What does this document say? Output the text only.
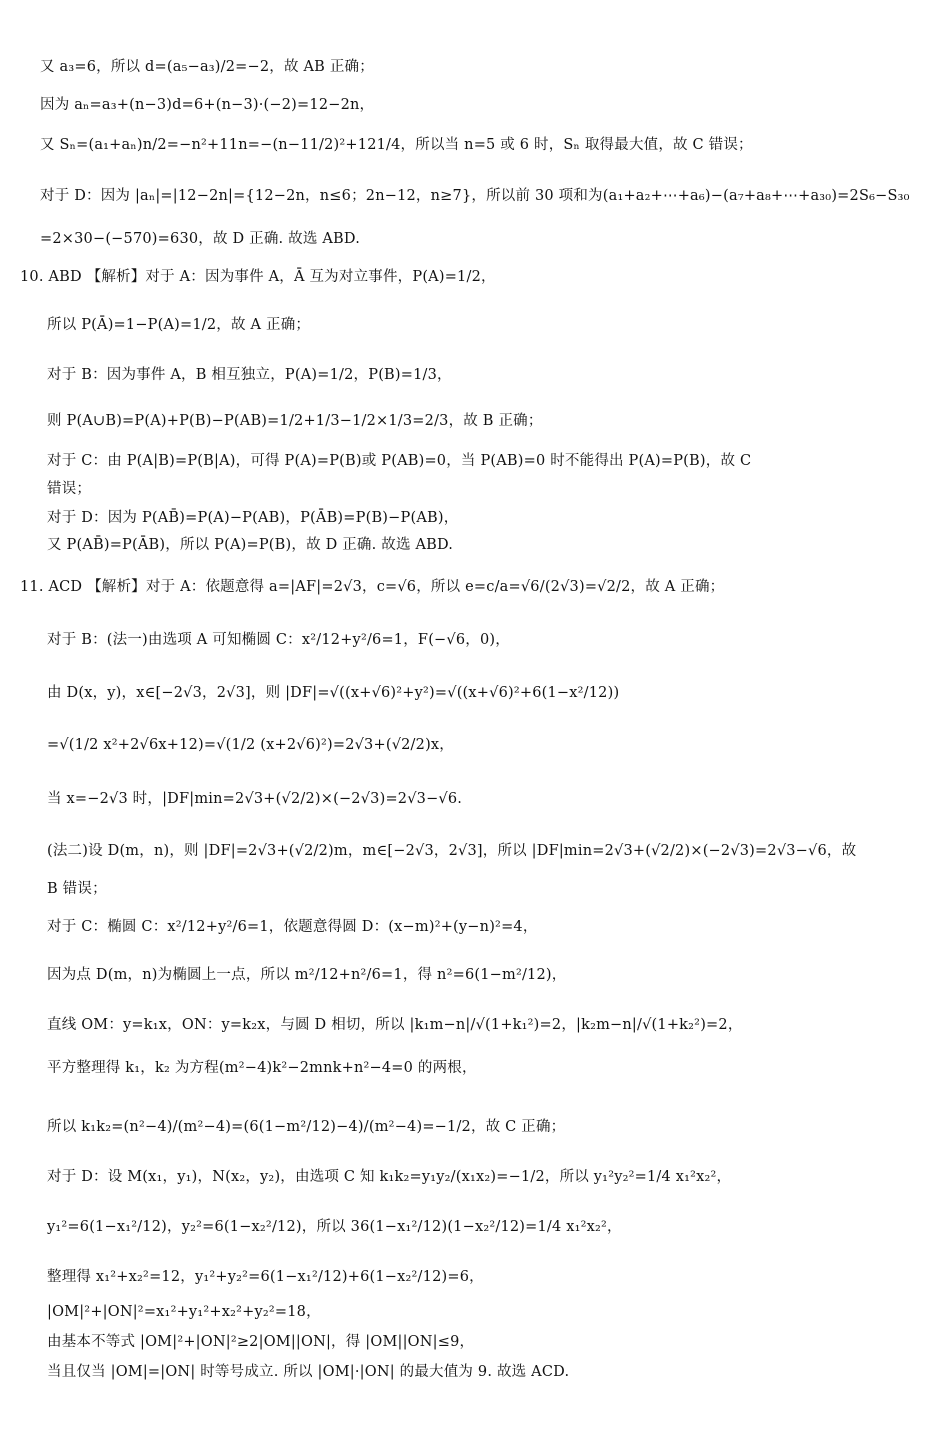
又 a₃=6，所以 d=(a₅−a₃)/2=−2，故 AB 正确；
因为 aₙ=a₃+(n−3)d=6+(n−3)·(−2)=12−2n，
又 Sₙ=(a₁+aₙ)n/2=−n²+11n=−(n−11/2)²+121/4，所以当 n=5 或 6 时，Sₙ 取得最大值，故 C 错误；
对于 D：因为 |aₙ|=|12−2n|={12−2n，n≤6；2n−12，n≥7}，所以前 30 项和为(a₁+a₂+⋯+a₆)−(a₇+a₈+⋯+a₃₀)=2S₆−S₃₀
=2×30−(−570)=630，故 D 正确. 故选 ABD.
10. ABD 【解析】对于 A：因为事件 A，Ā 互为对立事件，P(A)=1/2，
所以 P(Ā)=1−P(A)=1/2，故 A 正确；
对于 B：因为事件 A，B 相互独立，P(A)=1/2，P(B)=1/3，
则 P(A∪B)=P(A)+P(B)−P(AB)=1/2+1/3−1/2×1/3=2/3，故 B 正确；
对于 C：由 P(A|B)=P(B|A)，可得 P(A)=P(B)或 P(AB)=0，当 P(AB)=0 时不能得出 P(A)=P(B)，故 C
错误；
对于 D：因为 P(AB̄)=P(A)−P(AB)，P(ĀB)=P(B)−P(AB)，
又 P(AB̄)=P(ĀB)，所以 P(A)=P(B)，故 D 正确. 故选 ABD.
11. ACD 【解析】对于 A：依题意得 a=|AF|=2√3，c=√6，所以 e=c/a=√6/(2√3)=√2/2，故 A 正确；
对于 B：(法一)由选项 A 可知椭圆 C：x²/12+y²/6=1，F(−√6，0)，
由 D(x，y)，x∈[−2√3，2√3]，则 |DF|=√((x+√6)²+y²)=√((x+√6)²+6(1−x²/12))
=√(1/2 x²+2√6x+12)=√(1/2 (x+2√6)²)=2√3+(√2/2)x，
当 x=−2√3 时，|DF|min=2√3+(√2/2)×(−2√3)=2√3−√6.
(法二)设 D(m，n)，则 |DF|=2√3+(√2/2)m，m∈[−2√3，2√3]，所以 |DF|min=2√3+(√2/2)×(−2√3)=2√3−√6，故
B 错误；
对于 C：椭圆 C：x²/12+y²/6=1，依题意得圆 D：(x−m)²+(y−n)²=4，
因为点 D(m，n)为椭圆上一点，所以 m²/12+n²/6=1，得 n²=6(1−m²/12)，
直线 OM：y=k₁x，ON：y=k₂x，与圆 D 相切，所以 |k₁m−n|/√(1+k₁²)=2，|k₂m−n|/√(1+k₂²)=2，
平方整理得 k₁，k₂ 为方程(m²−4)k²−2mnk+n²−4=0 的两根，
所以 k₁k₂=(n²−4)/(m²−4)=(6(1−m²/12)−4)/(m²−4)=−1/2，故 C 正确；
对于 D：设 M(x₁，y₁)，N(x₂，y₂)，由选项 C 知 k₁k₂=y₁y₂/(x₁x₂)=−1/2，所以 y₁²y₂²=1/4 x₁²x₂²，
y₁²=6(1−x₁²/12)，y₂²=6(1−x₂²/12)，所以 36(1−x₁²/12)(1−x₂²/12)=1/4 x₁²x₂²，
整理得 x₁²+x₂²=12，y₁²+y₂²=6(1−x₁²/12)+6(1−x₂²/12)=6，
|OM|²+|ON|²=x₁²+y₁²+x₂²+y₂²=18，
由基本不等式 |OM|²+|ON|²≥2|OM||ON|，得 |OM||ON|≤9，
当且仅当 |OM|=|ON| 时等号成立. 所以 |OM|·|ON| 的最大值为 9. 故选 ACD.
